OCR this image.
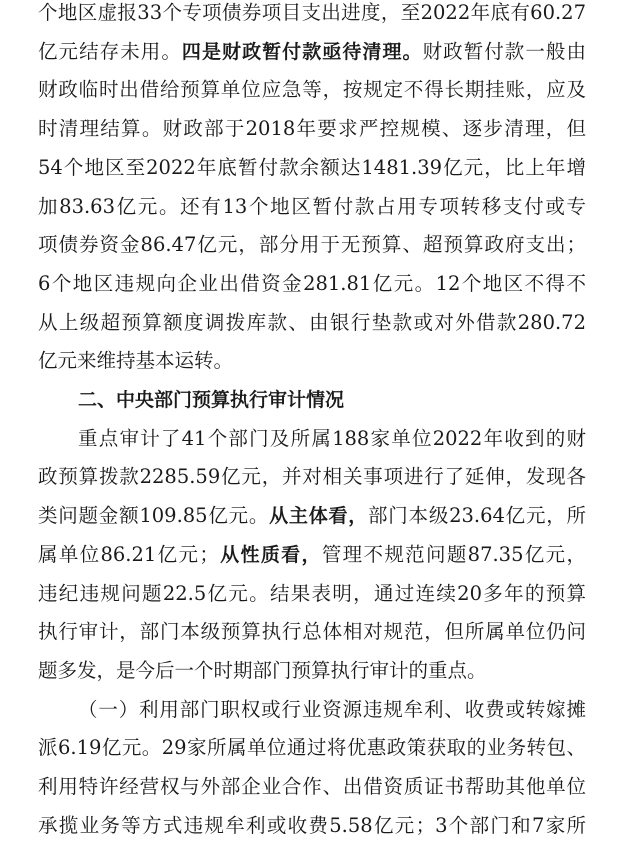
个地区虚报33个专项债券项目支出进度，至2022年底有60.27
亿元结存未用。四是财政暂付款亟待清理。财政暂付款一般由
财政临时出借给预算单位应急等，按规定不得长期挂账，应及
时清理结算。财政部于2018年要求严控规模、逐步清理，但
54个地区至2022年底暂付款余额达1481.39亿元，比上年增
加83.63亿元。还有13个地区暂付款占用专项转移支付或专
项债券资金86.47亿元，部分用于无预算、超预算政府支出；
6个地区违规向企业出借资金281.81亿元。12个地区不得不
从上级超预算额度调拨库款、由银行垫款或对外借款280.72
亿元来维持基本运转。
二、中央部门预算执行审计情况
重点审计了41个部门及所属188家单位2022年收到的财
政预算拨款2285.59亿元，并对相关事项进行了延伸，发现各
类问题金额109.85亿元。从主体看，部门本级23.64亿元，所
属单位86.21亿元；从性质看，管理不规范问题87.35亿元，
违纪违规问题22.5亿元。结果表明，通过连续20多年的预算
执行审计，部门本级预算执行总体相对规范，但所属单位仍问
题多发，是今后一个时期部门预算执行审计的重点。
（一）利用部门职权或行业资源违规牟利、收费或转嫁摊
派6.19亿元。29家所属单位通过将优惠政策获取的业务转包、
利用特许经营权与外部企业合作、出借资质证书帮助其他单位
承揽业务等方式违规牟利或收费5.58亿元；3个部门和7家所
